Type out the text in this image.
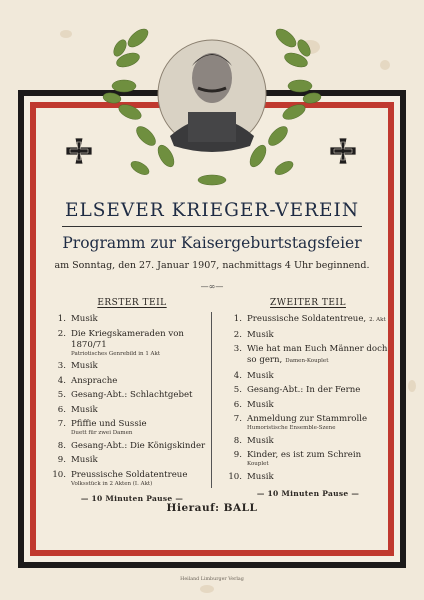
ELSEVER KRIEGER-VEREIN
Programm zur Kaisergeburtstagsfeier
am Sonntag, den 27. Januar 1907, nachmittags 4 Uhr beginnend.
—∞—
ERSTER TEIL
1. Musik
2. Die Kriegskameraden von 1870/71
Patriotisches Genrebild in 1 Akt
3. Musik
4. Ansprache
5. Gesang-Abt.: Schlachtgebet
6. Musik
7. Pfiffie und Sussie
Duett für zwei Damen
8. Gesang-Abt.: Die Königskinder
9. Musik
10. Preussische Soldatentreue
Volksstück in 2 Akten (I. Akt)
— 10 Minuten Pause —
ZWEITER TEIL
1. Preussische Soldatentreue, 2. Akt
2. Musik
3. Wie hat man Euch Männer doch so gern, Damen-Kouplet
4. Musik
5. Gesang-Abt.: In der Ferne
6. Musik
7. Anmeldung zur Stammrolle
Humoristische Ensemble-Szene
8. Musik
9. Kinder, es ist zum Schrein
Kouplet
10. Musik
— 10 Minuten Pause —
Hierauf: BALL
Heiland Limburger Verlag
